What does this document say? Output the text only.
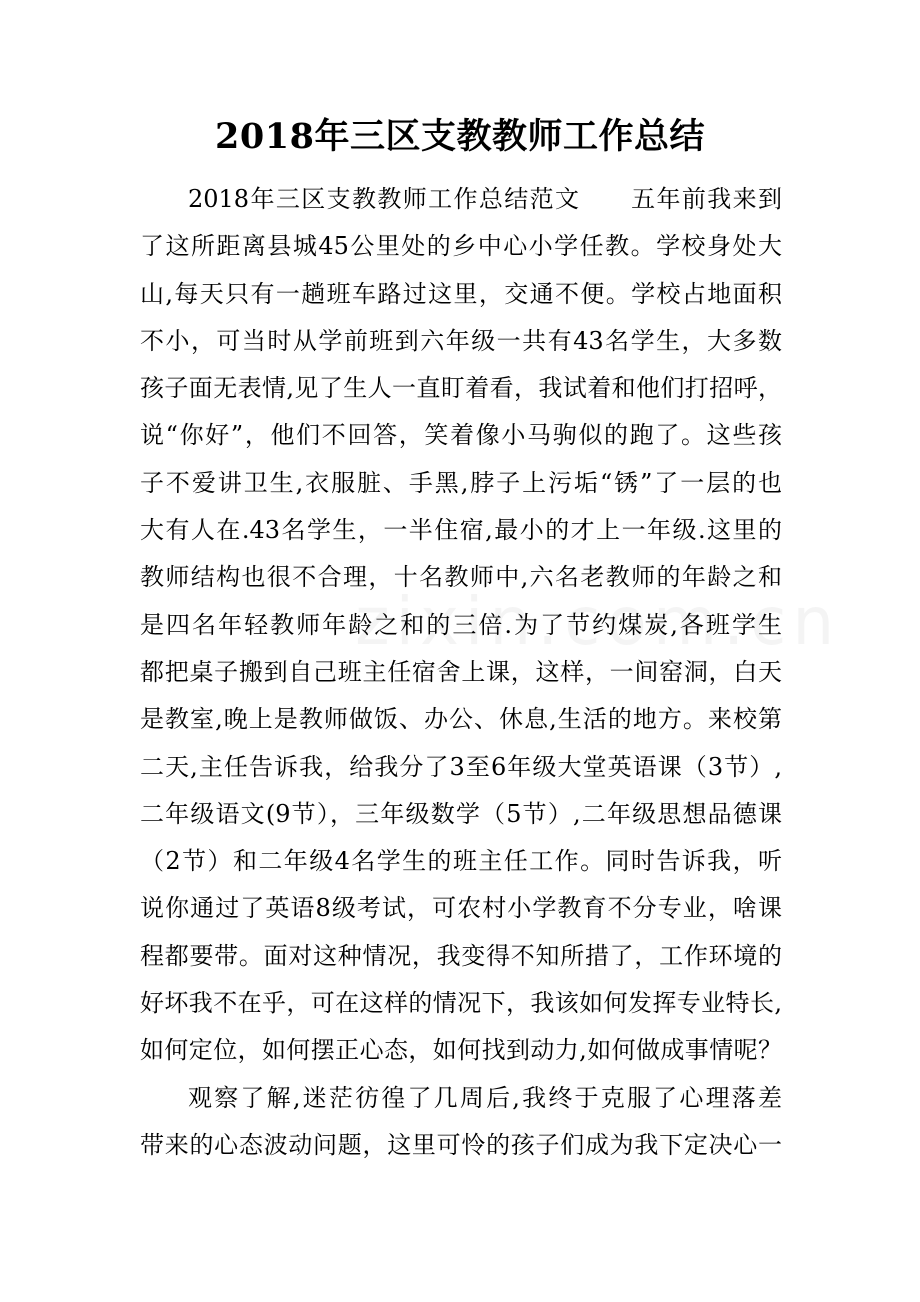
2018年三区支教教师工作总结
2018年三区支教教师工作总结范文　　五年前我来到
了这所距离县城45公里处的乡中心小学任教。学校身处大
山,每天只有一趟班车路过这里，交通不便。学校占地面积
不小，可当时从学前班到六年级一共有43名学生，大多数
孩子面无表情,见了生人一直盯着看，我试着和他们打招呼，
说“你好”，他们不回答，笑着像小马驹似的跑了。这些孩
子不爱讲卫生,衣服脏、手黑,脖子上污垢“锈”了一层的也
大有人在.43名学生，一半住宿,最小的才上一年级.这里的
教师结构也很不合理，十名教师中,六名老教师的年龄之和
是四名年轻教师年龄之和的三倍.为了节约煤炭,各班学生
都把桌子搬到自己班主任宿舍上课，这样，一间窑洞，白天
是教室,晚上是教师做饭、办公、休息,生活的地方。来校第
二天,主任告诉我，给我分了3至6年级大堂英语课（3节）,
二年级语文(9节），三年级数学（5节）,二年级思想品德课
（2节）和二年级4名学生的班主任工作。同时告诉我，听
说你通过了英语8级考试，可农村小学教育不分专业，啥课
程都要带。面对这种情况，我变得不知所措了，工作环境的
好坏我不在乎，可在这样的情况下，我该如何发挥专业特长,
如何定位，如何摆正心态，如何找到动力,如何做成事情呢？
观察了解,迷茫彷徨了几周后,我终于克服了心理落差
带来的心态波动问题，这里可怜的孩子们成为我下定决心一
